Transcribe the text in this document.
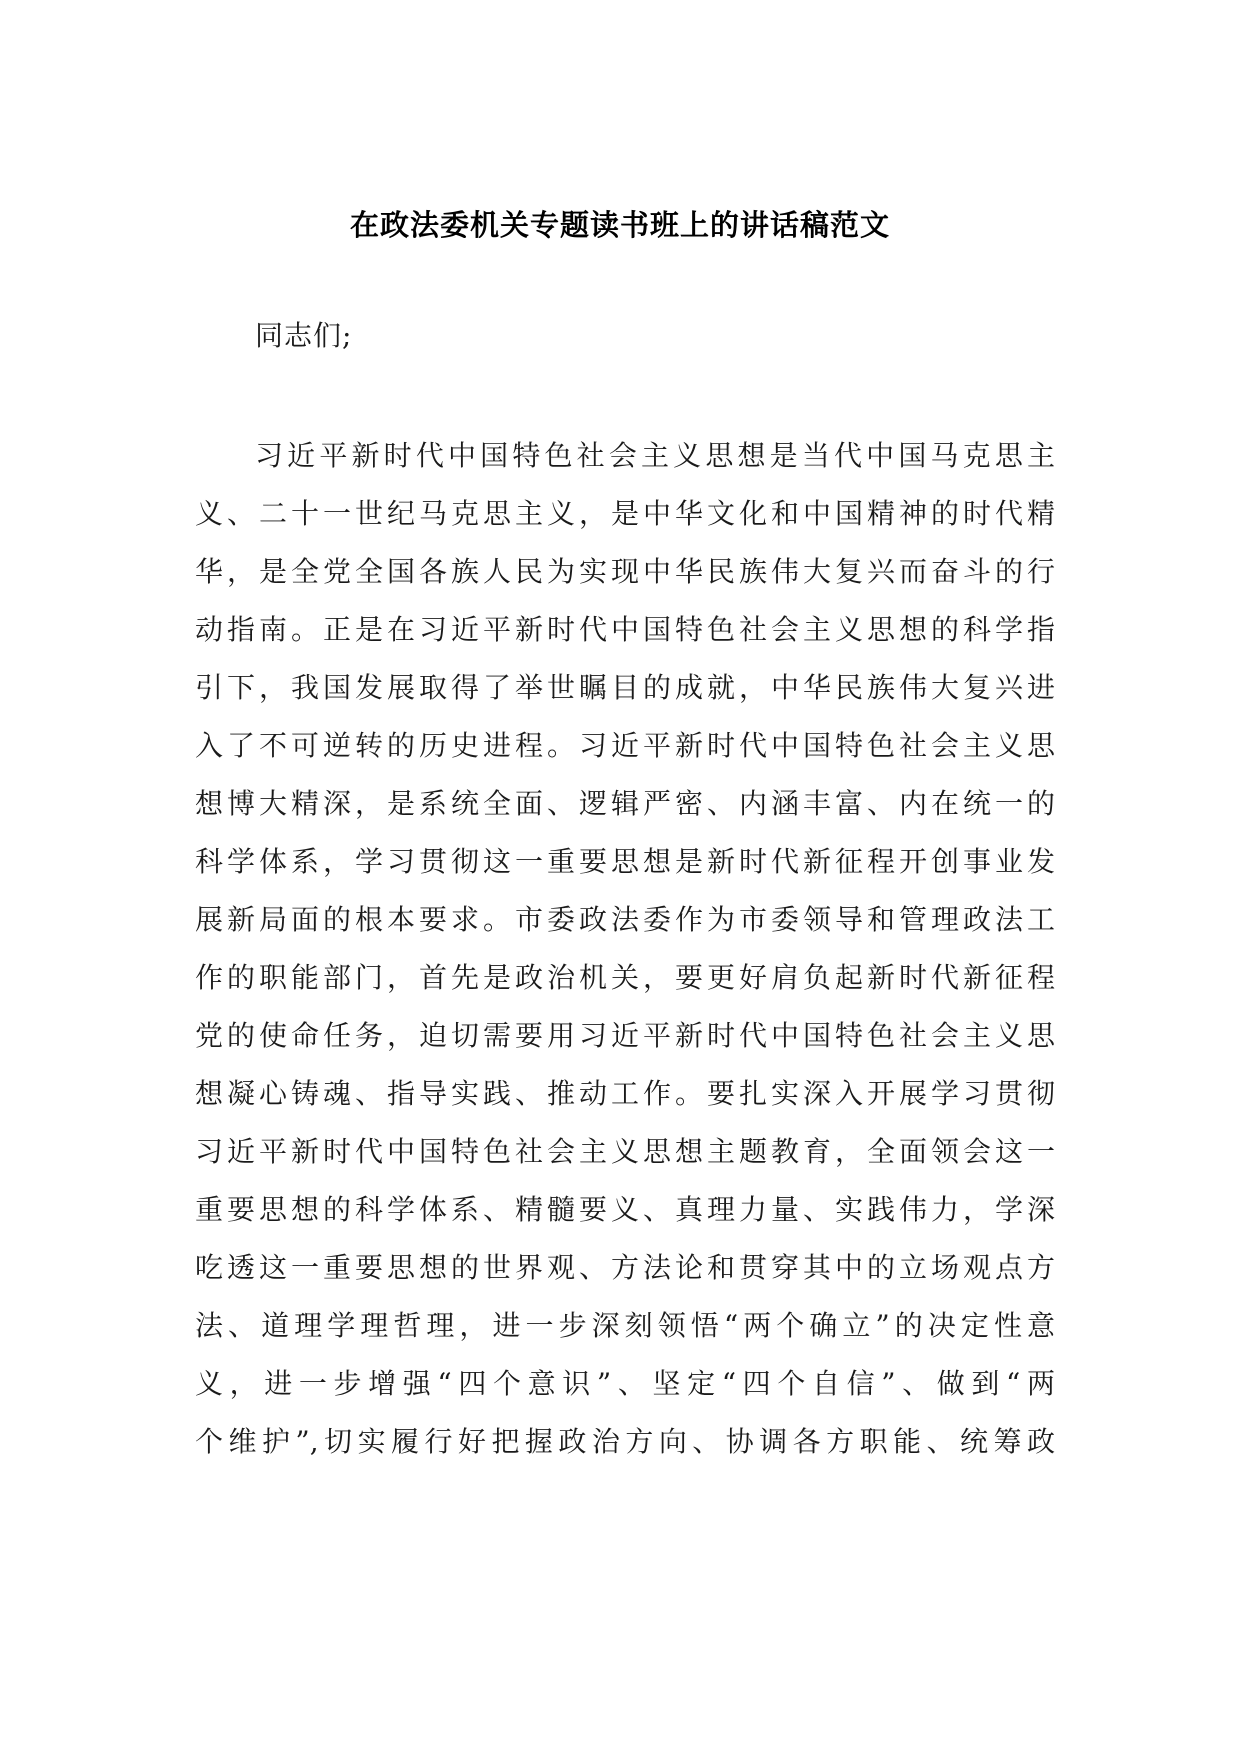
在政法委机关专题读书班上的讲话稿范文
同志们;
习近平新时代中国特色社会主义思想是当代中国马克思主
义、二十一世纪马克思主义，是中华文化和中国精神的时代精
华，是全党全国各族人民为实现中华民族伟大复兴而奋斗的行
动指南。正是在习近平新时代中国特色社会主义思想的科学指
引下，我国发展取得了举世瞩目的成就，中华民族伟大复兴进
入了不可逆转的历史进程。习近平新时代中国特色社会主义思
想博大精深，是系统全面、逻辑严密、内涵丰富、内在统一的
科学体系，学习贯彻这一重要思想是新时代新征程开创事业发
展新局面的根本要求。市委政法委作为市委领导和管理政法工
作的职能部门，首先是政治机关，要更好肩负起新时代新征程
党的使命任务，迫切需要用习近平新时代中国特色社会主义思
想凝心铸魂、指导实践、推动工作。要扎实深入开展学习贯彻
习近平新时代中国特色社会主义思想主题教育，全面领会这一
重要思想的科学体系、精髓要义、真理力量、实践伟力，学深
吃透这一重要思想的世界观、方法论和贯穿其中的立场观点方
法、道理学理哲理，进一步深刻领悟“两个确立”的决定性意
义，进一步增强“四个意识”、坚定“四个自信”、做到“两
个维护”,切实履行好把握政治方向、协调各方职能、统筹政
